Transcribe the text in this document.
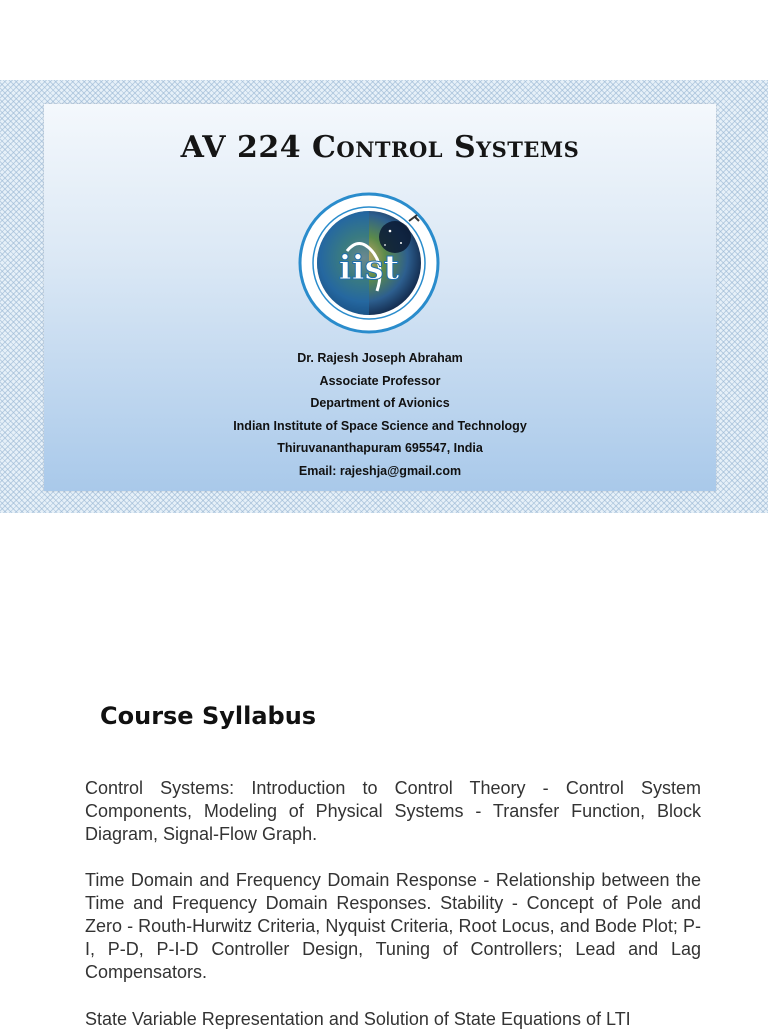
AV 224 Control Systems
iist
Dr. Rajesh Joseph Abraham
Associate Professor
Department of Avionics
Indian Institute of Space Science and Technology
Thiruvananthapuram 695547, India
Email: rajeshja@gmail.com
Course Syllabus
Control Systems: Introduction to Control Theory - Control System Components, Modeling of Physical Systems - Transfer Function, Block Diagram, Signal-Flow Graph.
Time Domain and Frequency Domain Response - Relationship between the Time and Frequency Domain Responses. Stability - Concept of Pole and Zero - Routh-Hurwitz Criteria, Nyquist Criteria, Root Locus, and Bode Plot; P-I, P-D, P-I-D Controller Design, Tuning of Controllers; Lead and Lag Compensators.
State Variable Representation and Solution of State Equations of LTI
